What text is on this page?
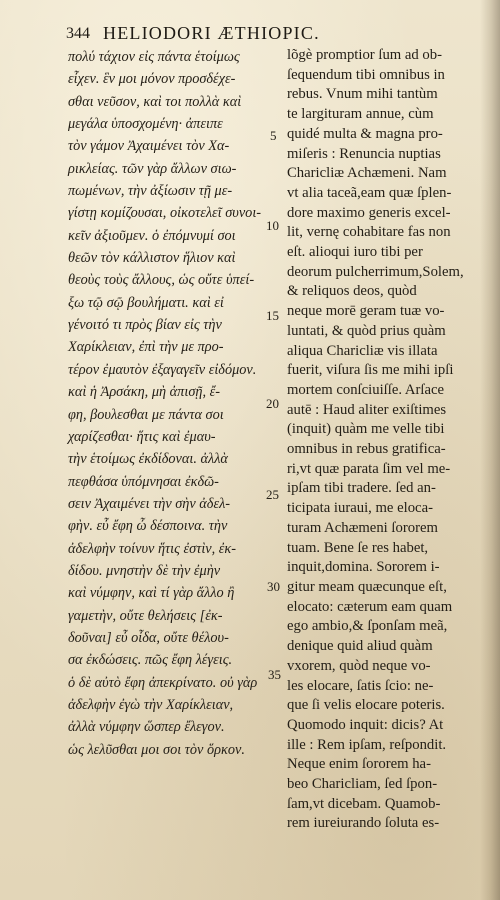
344 HELIODORI ÆTHIOPIC.
πολύ τάχιον εἰς πάντα ἑτοίμως
εἶχεν. ἓν μοι μόνον προσδέχε-
σθαι νεῦσον, καὶ τοι πολλὰ καὶ
μεγάλα ὑποσχομένη· ἀπειπε
τὸν γάμον Ἀχαιμένει τὸν Χα-
ρικλείας. τῶν γὰρ ἄλλων σιω-
πωμένων, τὴν ἀξίωσιν τῇ με-
γίστῃ κομίζουσαι, οἰκοτελεῖ συνοι-
κεῖν ἀξιοῦμεν. ὁ ἐπόμνυμί σοι
θεῶν τὸν κάλλιστον ἥλιον καὶ
θεοὺς τοὺς ἄλλους, ὡς οὔτε ὑπεί-
ξω τῷ σῷ βουλήματι. καὶ εἰ
γένοιτό τι πρὸς βίαν εἰς τὴν
Χαρίκλειαν, ἐπὶ τὴν με προ-
τέρον ἐμαυτὸν ἐξαγαγεῖν εἰδόμον.
καὶ ἡ Ἀρσάκη, μὴ ἀπισῇ, ἔ-
φη, βουλεσθαι με πάντα σοι
χαρίζεσθαι· ἥτις καὶ ἐμαυ-
τὴν ἑτοίμως ἐκδίδοναι. ἀλλὰ
πεφθάσα ὑπόμνησαι ἐκδῶ-
σειν Ἀχαιμένει τὴν σὴν ἀδελ-
φὴν. εὖ ἔφη ὦ δέσποινα. τὴν
ἀδελφὴν τοίνυν ἥτις ἐστὶν, ἐκ-
δίδου. μνηστὴν δὲ τὴν ἐμὴν
καὶ νύμφην, καὶ τί γὰρ ἄλλο ἢ
γαμετὴν, οὔτε θελήσεις [ἐκ-
δοῦναι] εὖ οἶδα, οὔτε θέλου-
σα ἐκδώσεις. πῶς ἔφη λέγεις.
ὁ δὲ αὐτὸ ἔφη ἀπεκρίνατο. οὐ γὰρ
ἀδελφὴν ἐγὼ τὴν Χαρίκλειαν,
ἀλλὰ νύμφην ὥσπερ ἔλεγον.
ὡς λελῦσθαι μοι σοι τὸν ὅρκον.
lõgè promptior ſum ad ob-
ſequendum tibi omnibus in
rebus. Vnum mihi tantùm
te largituram annue, cùm
quidé multa & magna pro-
miſeris : Renuncia nuptias
Charicliæ Achæmeni. Nam
vt alia taceã,eam quæ ſplen-
dore maximo generis excel-
lit, vernę cohabitare fas non
eſt. alioqui iuro tibi per
deorum pulcherrimum,Solem,
& reliquos deos, quòd
neque morē geram tuæ vo-
luntati, & quòd prius quàm
aliqua Charicliæ vis illata
fuerit, viſura ſis me mihi ipſi
mortem conſciuiſſe. Arſace
autē : Haud aliter exiſtimes
(inquit) quàm me velle tibi
omnibus in rebus gratifica-
ri,vt quæ parata ſim vel me-
ipſam tibi tradere. ſed an-
ticipata iuraui, me eloca-
turam Achæmeni ſororem
tuam. Bene ſe res habet,
inquit,domina. Sororem i-
gitur meam quæcunque eſt,
elocato: cæterum eam quam
ego ambio,& ſponſam meã,
denique quid aliud quàm
vxorem, quòd neque vo-
les elocare, ſatis ſcio: ne-
que ſi velis elocare poteris.
Quomodo inquit: dicis? At
ille : Rem ipſam, reſpondit.
Neque enim ſororem ha-
beo Charicliam, ſed ſpon-
ſam,vt dicebam. Quamob-
rem iureiurando ſoluta es-
5
10
15
20
25
30
35
